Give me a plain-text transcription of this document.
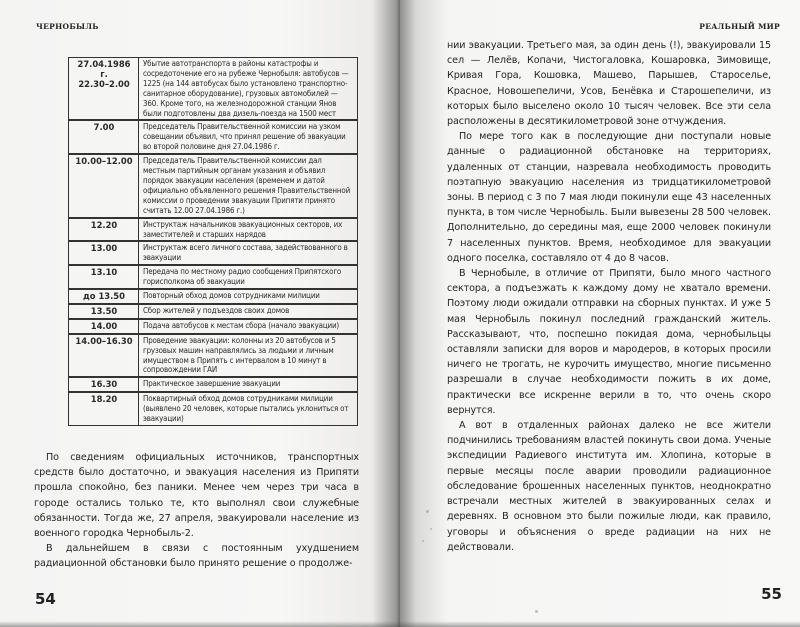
ЧЕРНОБЫЛЬ
27.04.1986 г.
22.30–2.00	Убытие автотранспорта в районы катастрофы и сосредоточение его на рубеже Чернобыля: автобусов — 1225 (на 144 автобусах было установлено транспортно-санитарное оборудование), грузовых автомобилей — 360. Кроме того, на железнодорожной станции Янов были подготовлены два дизель-поезда на 1500 мест
7.00	Председатель Правительственной комиссии на узком совещании объявил, что принял решение об эвакуации во второй половине дня 27.04.1986 г.
10.00–12.00	Председатель Правительственной комиссии дал местным партийным органам указания и объявил порядок эвакуации населения (временем и датой официально объявленного решения Правительственной комиссии о проведении эвакуации Припяти принято считать 12.00 27.04.1986 г.)
12.20	Инструктаж начальников эвакуационных секторов, их заместителей и старших нарядов
13.00	Инструктаж всего личного состава, задействованного в эвакуации
13.10	Передача по местному радио сообщения Припятского горисполкома об эвакуации
до 13.50	Повторный обход домов сотрудниками милиции
13.50	Сбор жителей у подъездов своих домов
14.00	Подача автобусов к местам сбора (начало эвакуации)
14.00–16.30	Проведение эвакуации: колонны из 20 автобусов и 5 грузовых машин направлялись за людьми и личным имуществом в Припять с интервалом в 10 минут в сопровождении ГАИ
16.30	Практическое завершение эвакуации
18.20	Поквартирный обход домов сотрудниками милиции (выявлено 20 человек, которые пытались уклониться от эвакуации)

По сведениям официальных источников, транспортных средств было достаточно, и эвакуация населения из Припяти прошла спокойно, без паники. Менее чем через три часа в городе остались только те, кто выполнял свои служебные обязанности. Тогда же, 27 апреля, эвакуировали население из военного городка Чернобыль-2.

В дальнейшем в связи с постоянным ухудшением радиационной обстановки было принято решение о продолже-

54
РЕАЛЬНЫЙ МИР

нии эвакуации. Третьего мая, за один день (!), эвакуировали 15 сел — Лелёв, Копачи, Чистогаловка, Кошаровка, Зимовище, Кривая Гора, Кошовка, Машево, Парышев, Староселье, Красное, Новошепеличи, Усов, Бенёвка и Старошепеличи, из которых было выселено около 10 тысяч человек. Все эти села расположены в десятикилометровой зоне отчуждения.

По мере того как в последующие дни поступали новые данные о радиационной обстановке на территориях, удаленных от станции, назревала необходимость проводить поэтапную эвакуацию населения из тридцатикилометровой зоны. В период с 3 по 7 мая люди покинули еще 43 населенных пункта, в том числе Чернобыль. Были вывезены 28 500 человек. Дополнительно, до середины мая, еще 2000 человек покинули 7 населенных пунктов. Время, необходимое для эвакуации одного поселка, составляло от 4 до 8 часов.

В Чернобыле, в отличие от Припяти, было много частного сектора, а подъезжать к каждому дому не хватало времени. Поэтому люди ожидали отправки на сборных пунктах. И уже 5 мая Чернобыль покинул последний гражданский житель. Рассказывают, что, поспешно покидая дома, чернобыльцы оставляли записки для воров и мародеров, в которых просили ничего не трогать, не курочить имущество, многие письменно разрешали в случае необходимости пожить в их доме, практически все искренне верили в то, что очень скоро вернутся.

А вот в отдаленных районах далеко не все жители подчинились требованиям властей покинуть свои дома. Ученые экспедиции Радиевого института им. Хлопина, которые в первые месяцы после аварии проводили радиационное обследование брошенных населенных пунктов, неоднократно встречали местных жителей в эвакуированных селах и деревнях. В основном это были пожилые люди, как правило, уговоры и объяснения о вреде радиации на них не действовали.

55
